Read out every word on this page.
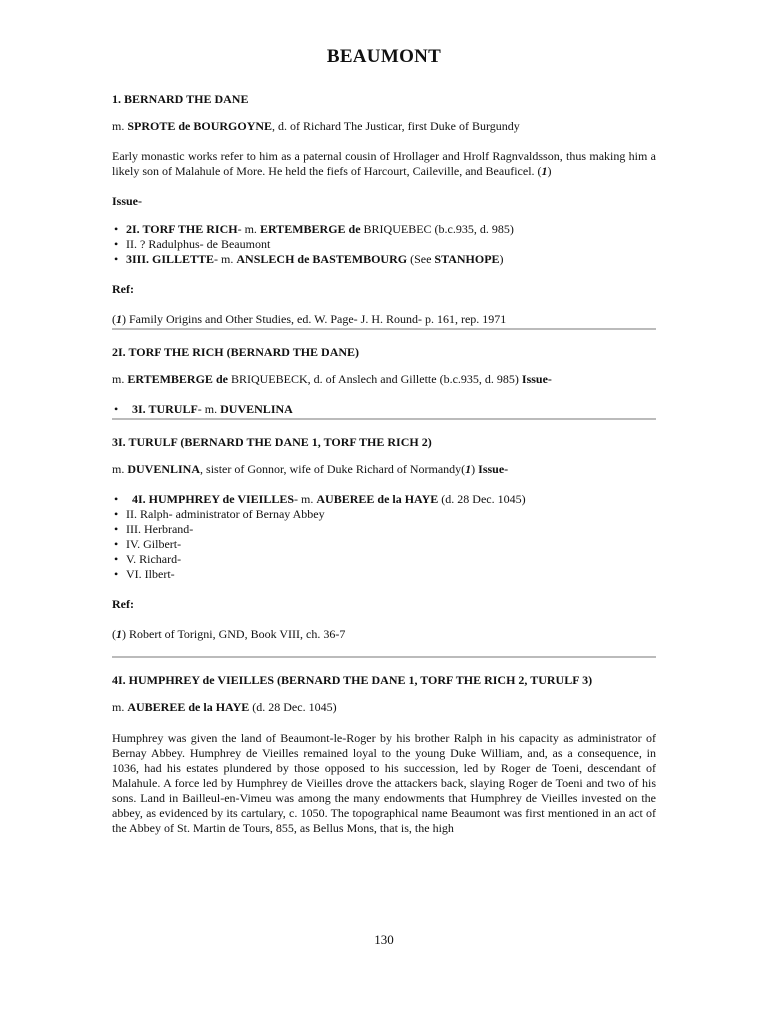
BEAUMONT
1. BERNARD THE DANE

m. SPROTE de BOURGOYNE, d. of Richard The Justicar, first Duke of Burgundy

Early monastic works refer to him as a paternal cousin of Hrollager and Hrolf Ragnvaldsson, thus making him a likely son of Malahule of More. He held the fiefs of Harcourt, Caileville, and Beauficel. (1)

Issue-

• 2I. TORF THE RICH- m. ERTEMBERGE de BRIQUEBEC (b.c.935, d. 985)
• II. ? Radulphus- de Beaumont
• 3III. GILLETTE- m. ANSLECH de BASTEMBOURG (See STANHOPE)

Ref:

(1) Family Origins and Other Studies, ed. W. Page- J. H. Round- p. 161, rep. 1971

2I. TORF THE RICH (BERNARD THE DANE)

m. ERTEMBERGE de BRIQUEBECK, d. of Anslech and Gillette (b.c.935, d. 985) Issue-

• 3I. TURULF- m. DUVENLINA
3I. TURULF (BERNARD THE DANE 1, TORF THE RICH 2)

m. DUVENLINA, sister of Gonnor, wife of Duke Richard of Normandy(1) Issue-

• 4I. HUMPHREY de VIEILLES- m. AUBEREE de la HAYE (d. 28 Dec. 1045)
• II. Ralph- administrator of Bernay Abbey
• III. Herbrand-
• IV. Gilbert-
• V. Richard-
• VI. Ilbert-

Ref:

(1) Robert of Torigni, GND, Book VIII, ch. 36-7

4I. HUMPHREY de VIEILLES (BERNARD THE DANE 1, TORF THE RICH 2, TURULF 3)

m. AUBEREE de la HAYE (d. 28 Dec. 1045)

Humphrey was given the land of Beaumont-le-Roger by his brother Ralph in his capacity as administrator of Bernay Abbey. Humphrey de Vieilles remained loyal to the young Duke William, and, as a consequence, in 1036, had his estates plundered by those opposed to his succession, led by Roger de Toeni, descendant of Malahule. A force led by Humphrey de Vieilles drove the attackers back, slaying Roger de Toeni and two of his sons. Land in Bailleul-en-Vimeu was among the many endowments that Humphrey de Vieilles invested on the abbey, as evidenced by its cartulary, c. 1050. The topographical name Beaumont was first mentioned in an act of the Abbey of St. Martin de Tours, 855, as Bellus Mons, that is, the high

130
